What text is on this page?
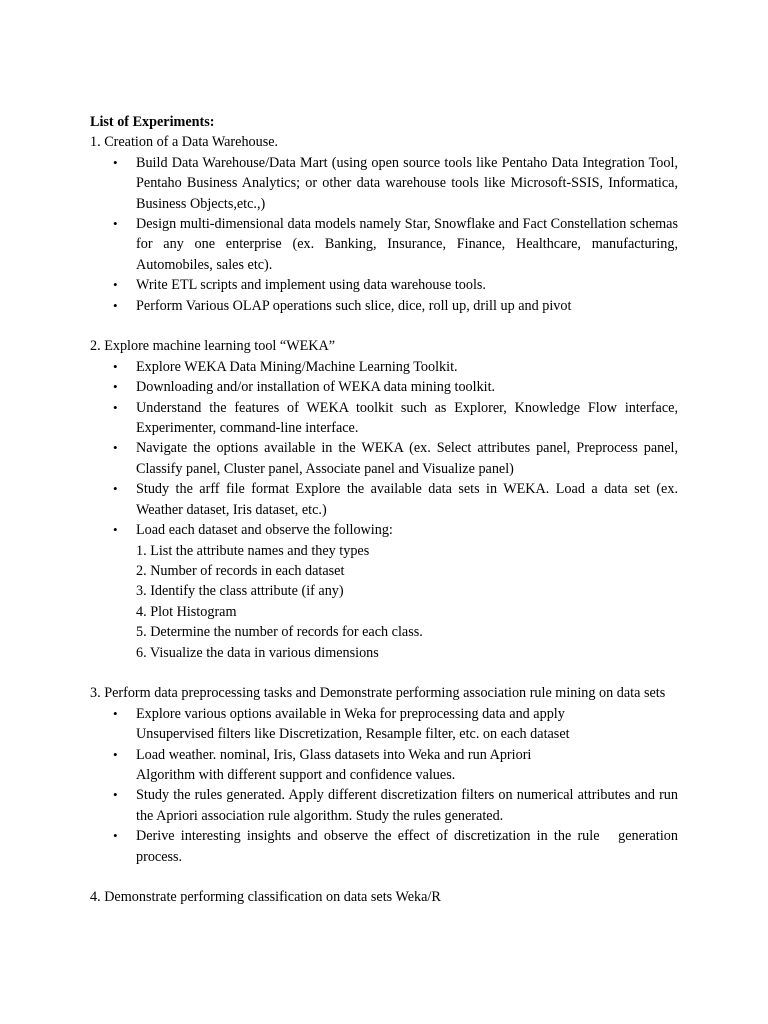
List of Experiments:

1. Creation of a Data Warehouse.

• Build Data Warehouse/Data Mart (using open source tools like Pentaho Data Integration Tool, Pentaho Business Analytics; or other data warehouse tools like Microsoft-SSIS, Informatica, Business Objects,etc.,)
• Design multi-dimensional data models namely Star, Snowflake and Fact Constellation schemas for any one enterprise (ex. Banking, Insurance, Finance, Healthcare, manufacturing, Automobiles, sales etc).
• Write ETL scripts and implement using data warehouse tools.
• Perform Various OLAP operations such slice, dice, roll up, drill up and pivot

2. Explore machine learning tool “WEKA”

• Explore WEKA Data Mining/Machine Learning Toolkit.
• Downloading and/or installation of WEKA data mining toolkit.
• Understand the features of WEKA toolkit such as Explorer, Knowledge Flow interface, Experimenter, command-line interface.
• Navigate the options available in the WEKA (ex. Select attributes panel, Preprocess panel, Classify panel, Cluster panel, Associate panel and Visualize panel)
• Study the arff file format Explore the available data sets in WEKA. Load a data set (ex. Weather dataset, Iris dataset, etc.)
• Load each dataset and observe the following:
1. List the attribute names and they types
2. Number of records in each dataset
3. Identify the class attribute (if any)
4. Plot Histogram
5. Determine the number of records for each class.
6. Visualize the data in various dimensions

3. Perform data preprocessing tasks and Demonstrate performing association rule mining on data sets

• Explore various options available in Weka for preprocessing data and apply
Unsupervised filters like Discretization, Resample filter, etc. on each dataset
• Load weather. nominal, Iris, Glass datasets into Weka and run Apriori
Algorithm with different support and confidence values.
• Study the rules generated. Apply different discretization filters on numerical attributes and run the Apriori association rule algorithm. Study the rules generated.
• Derive interesting insights and observe the effect of discretization in the rule   generation process.

4. Demonstrate performing classification on data sets Weka/R
